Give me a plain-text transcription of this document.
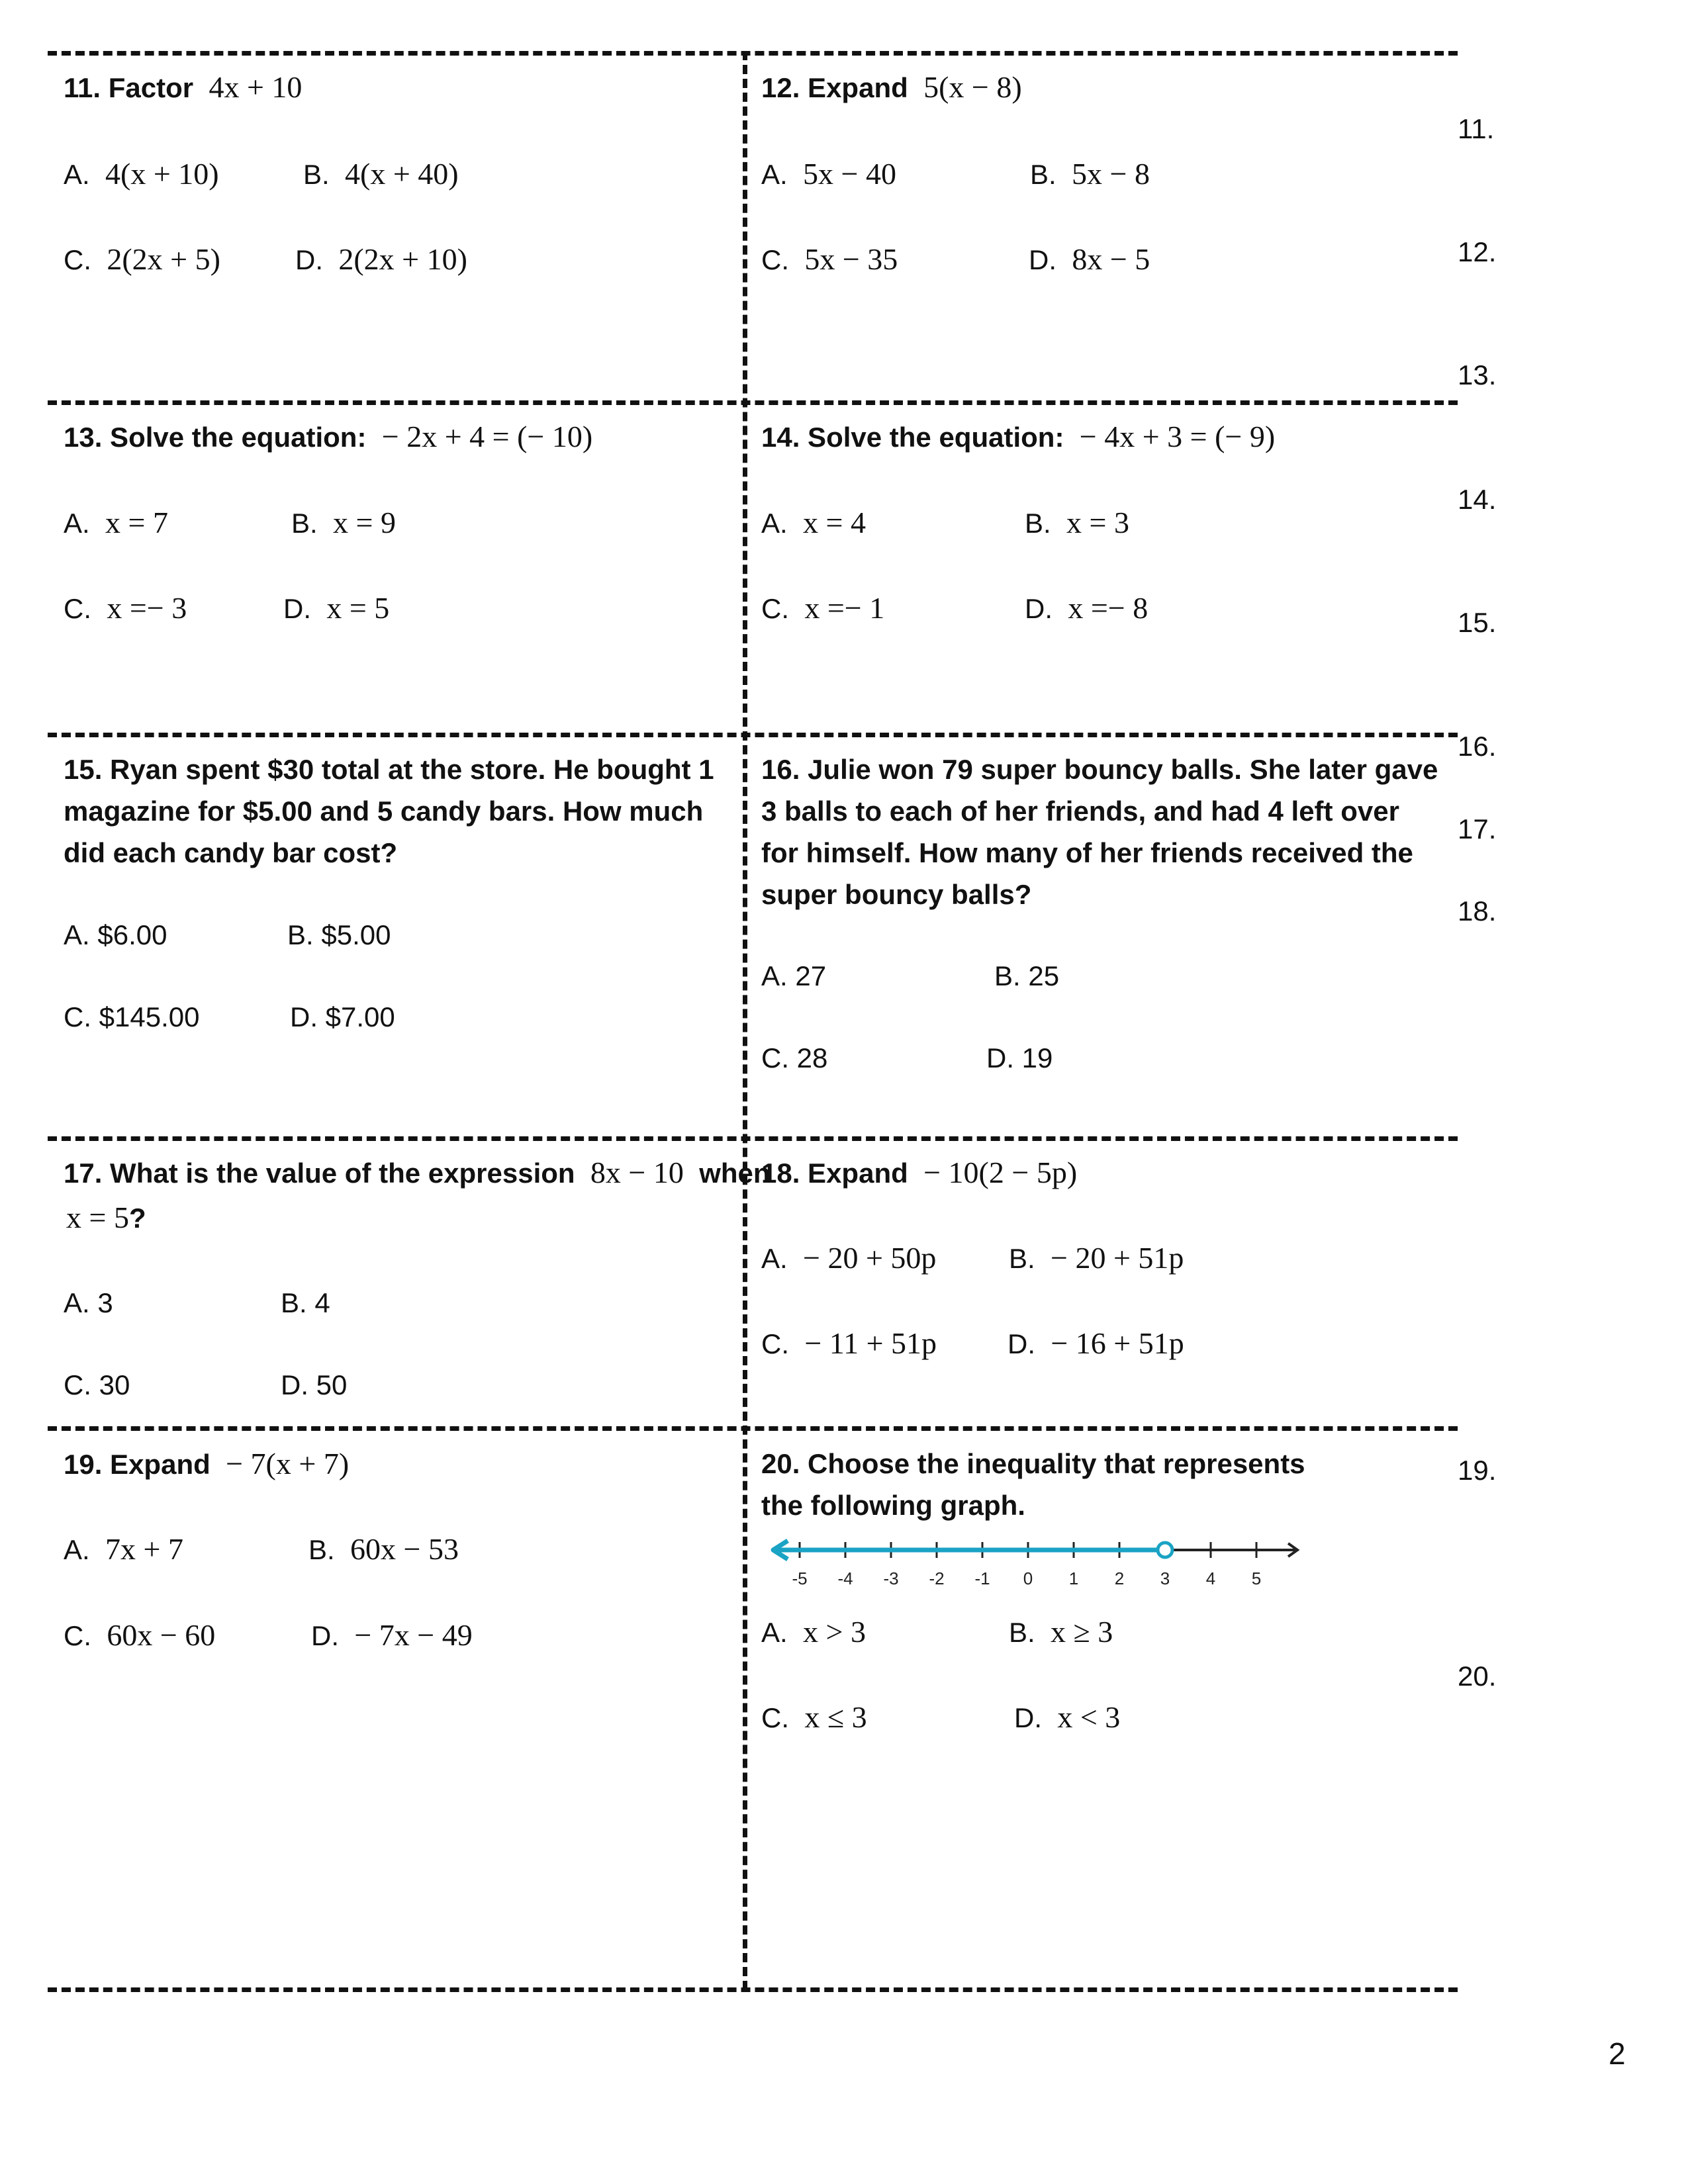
11. Factor 4x + 10
A. 4(x + 10)	B. 4(x + 40)
C. 2(2x + 5)	D. 2(2x + 10)
12. Expand 5(x − 8)
A. 5x − 40	B. 5x − 8
C. 5x − 35	D. 8x − 5
13. Solve the equation: − 2x + 4 = (− 10)
A. x = 7	B. x = 9
C. x =− 3	D. x = 5
14. Solve the equation: − 4x + 3 = (− 9)
A. x = 4	B. x = 3
C. x =− 1	D. x =− 8
15. Ryan spent $30 total at the store. He bought 1 magazine for $5.00 and 5 candy bars. How much did each candy bar cost?
A. $6.00	B. $5.00
C. $145.00	D. $7.00
16. Julie won 79 super bouncy balls. She later gave 3 balls to each of her friends, and had 4 left over for himself. How many of her friends received the super bouncy balls?
A. 27	B. 25
C. 28	D. 19
17. What is the value of the expression 8x − 10 when
x = 5?
A. 3	B. 4
C. 30	D. 50
18. Expand − 10(2 − 5p)
A. − 20 + 50p	B. − 20 + 51p
C. − 11 + 51p	D. − 16 + 51p
19. Expand − 7(x + 7)
A. 7x + 7	B. 60x − 53
C. 60x − 60	D. − 7x − 49
20. Choose the inequality that represents the following graph.
-5 -4 -3 -2 -1 0 1 2 3 4 5
A. x > 3	B. x ≥ 3
C. x ≤ 3	D. x < 3
11.
12.
13.
14.
15.
16.
17.
18.
19.
20.
2
